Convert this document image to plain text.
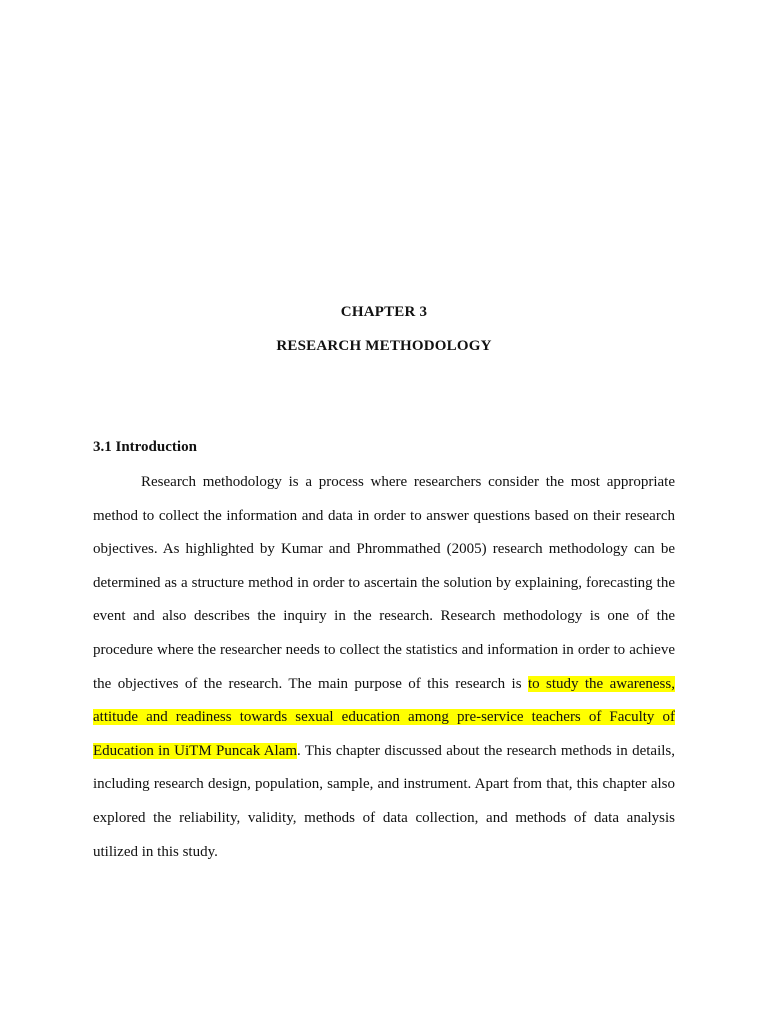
CHAPTER 3
RESEARCH METHODOLOGY
3.1 Introduction

Research methodology is a process where researchers consider the most appropriate method to collect the information and data in order to answer questions based on their research objectives. As highlighted by Kumar and Phrommathed (2005) research methodology can be determined as a structure method in order to ascertain the solution by explaining, forecasting the event and also describes the inquiry in the research. Research methodology is one of the procedure where the researcher needs to collect the statistics and information in order to achieve the objectives of the research. The main purpose of this research is to study the awareness, attitude and readiness towards sexual education among pre-service teachers of Faculty of Education in UiTM Puncak Alam. This chapter discussed about the research methods in details, including research design, population, sample, and instrument. Apart from that, this chapter also explored the reliability, validity, methods of data collection, and methods of data analysis utilized in this study.
